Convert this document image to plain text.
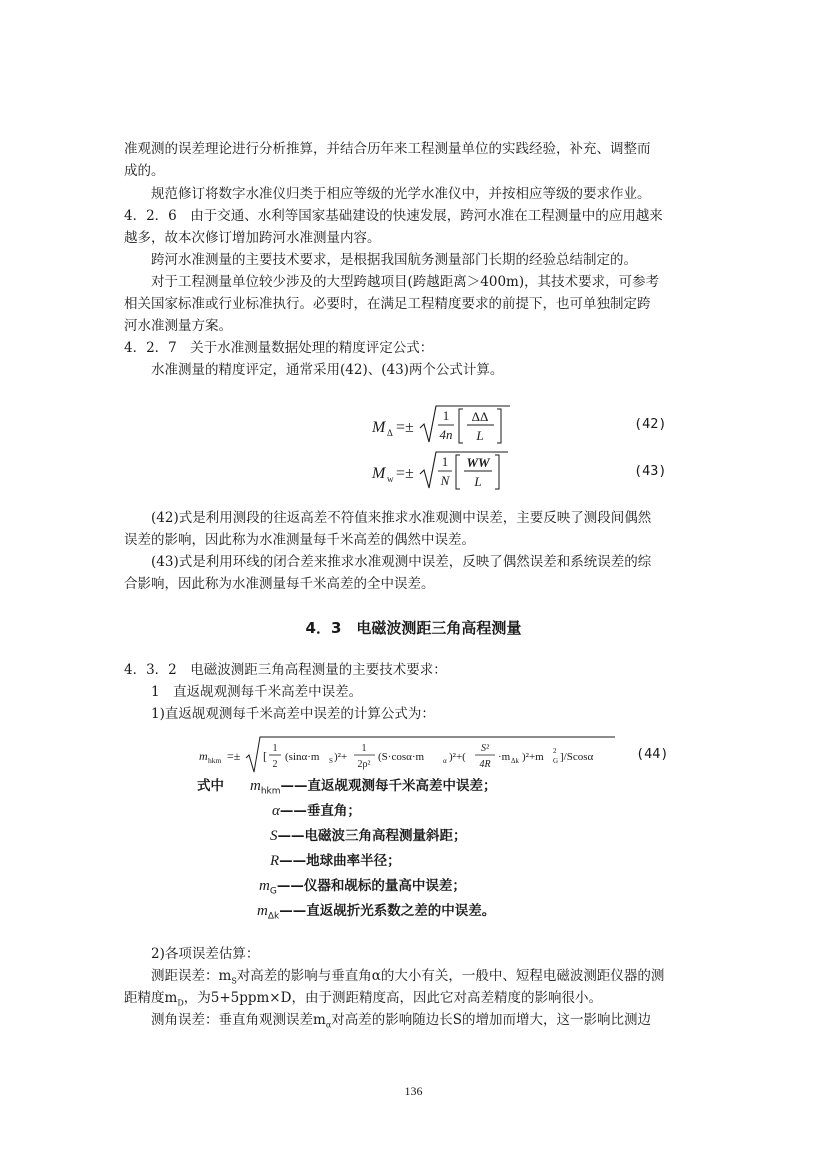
准观测的误差理论进行分析推算，并结合历年来工程测量单位的实践经验，补充、调整而
成的。
规范修订将数字水准仪归类于相应等级的光学水准仪中，并按相应等级的要求作业。
4．2．6　由于交通、水利等国家基础建设的快速发展，跨河水准在工程测量中的应用越来
越多，故本次修订增加跨河水准测量内容。
跨河水准测量的主要技术要求，是根据我国航务测量部门长期的经验总结制定的。
对于工程测量单位较少涉及的大型跨越项目(跨越距离＞400m)，其技术要求，可参考
相关国家标准或行业标准执行。必要时，在满足工程精度要求的前提下，也可单独制定跨
河水准测量方案。
4．2．7　关于水准测量数据处理的精度评定公式：
水准测量的精度评定，通常采用(42)、(43)两个公式计算。
M Δ =±
1
4n
ΔΔ
L
(42)
M w =±
1
N
WW
L
(43)
(42)式是利用测段的往返高差不符值来推求水准观测中误差，主要反映了测段间偶然
误差的影响，因此称为水准测量每千米高差的偶然中误差。
(43)式是利用环线的闭合差来推求水准观测中误差，反映了偶然误差和系统误差的综
合影响，因此称为水准测量每千米高差的全中误差。
4．3　电磁波测距三角高程测量
4．3．2　电磁波测距三角高程测量的主要技术要求：
1　直返觇观测每千米高差中误差。
1)直返觇观测每千米高差中误差的计算公式为：
m hkm =± [
1
2
(sinα·m S )²+
1
2ρ²
(S·cosα·m	α )²+(
S²
4R
·m Δk )²+m G
2 ]/Scosα	(44)
式中 $m_{hkm}——$直返觇观测每千米高差中误差；
α——垂直角；
S——电磁波三角高程测量斜距；
R——地球曲率半径；
$m_G——$仪器和觇标的量高中误差；
$m_{\Delta k}——$直返觇折光系数之差的中误差。
2)各项误差估算：
测距误差：$m_S$对高差的影响与垂直角α的大小有关，一般中、短程电磁波测距仪器的测
距精度$m_D$，为5+5ppm×D，由于测距精度高，因此它对高差精度的影响很小。
测角误差：垂直角观测误差$m_\alpha$对高差的影响随边长S的增加而增大，这一影响比测边
136
